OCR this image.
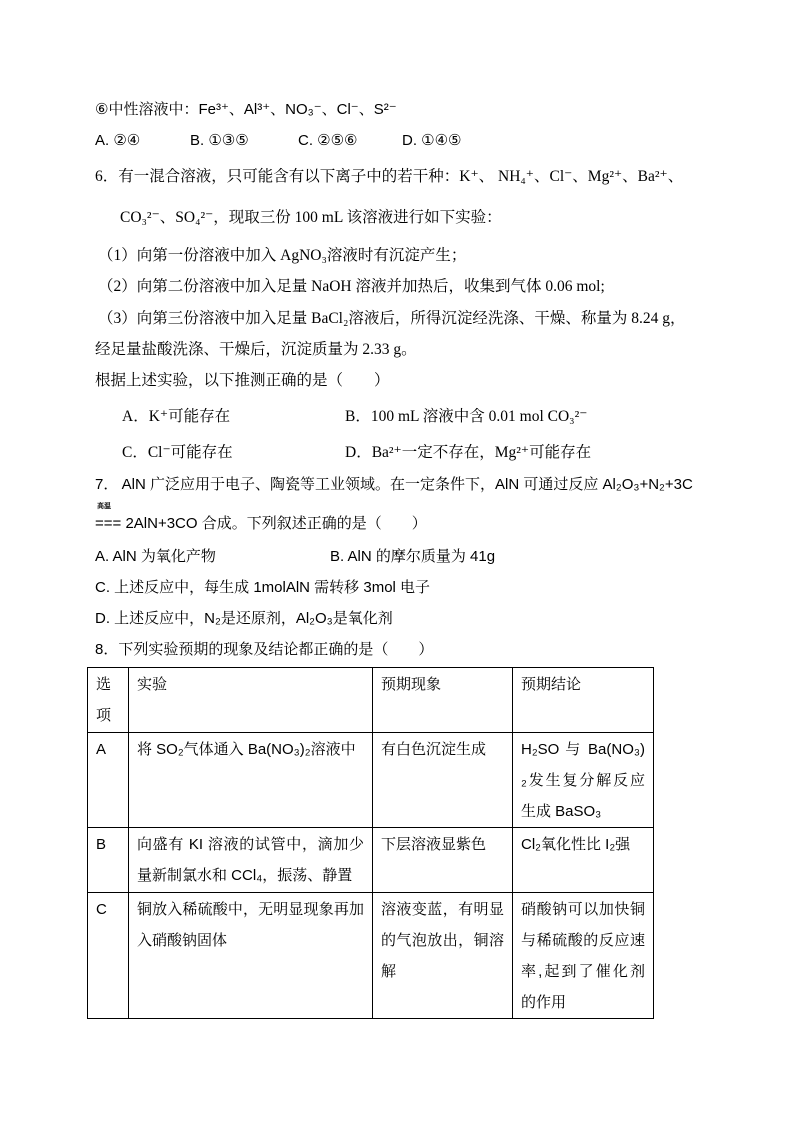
⑥中性溶液中：Fe³⁺、Al³⁺、NO₃⁻、Cl⁻、S²⁻
A. ②④	B. ①③⑤	C. ②⑤⑥	D. ①④⑤
6．有一混合溶液，只可能含有以下离子中的若干种：K⁺、 NH₄⁺、Cl⁻、Mg²⁺、Ba²⁺、
CO₃²⁻、SO₄²⁻，现取三份 100 mL 该溶液进行如下实验：
（1）向第一份溶液中加入 AgNO₃溶液时有沉淀产生；
（2）向第二份溶液中加入足量 NaOH 溶液并加热后，收集到气体 0.06 mol;
（3）向第三份溶液中加入足量 BaCl₂溶液后，所得沉淀经洗涤、干燥、称量为 8.24 g，
经足量盐酸洗涤、干燥后，沉淀质量为 2.33 g。
根据上述实验，以下推测正确的是（　　）
A．K⁺可能存在	B．100 mL 溶液中含 0.01 mol CO₃²⁻
C．Cl⁻可能存在	D．Ba²⁺一定不存在，Mg²⁺可能存在
7． AlN 广泛应用于电子、陶瓷等工业领域。在一定条件下，AlN 可通过反应 Al₂O₃+N₂+3C
高温
=== 2AlN+3CO 合成。下列叙述正确的是（　　）
A. AlN 为氧化产物	B. AlN 的摩尔质量为 41g
C. 上述反应中，每生成 1molAlN 需转移 3mol 电子
D. 上述反应中，N₂是还原剂，Al₂O₃是氧化剂
8．下列实验预期的现象及结论都正确的是（　　）
选项	实验	预期现象	预期结论
A	将 SO₂气体通入 Ba(NO₃)₂溶液中	有白色沉淀生成	H₂SO 与 Ba(NO₃)₂发生复分解反应生成 BaSO₃
B	向盛有 KI 溶液的试管中，滴加少量新制氯水和 CCl₄，振荡、静置	下层溶液显紫色	Cl₂氧化性比 I₂强
C	铜放入稀硫酸中，无明显现象再加入硝酸钠固体	溶液变蓝，有明显的气泡放出，铜溶解	硝酸钠可以加快铜与稀硫酸的反应速率,起到了催化剂的作用
